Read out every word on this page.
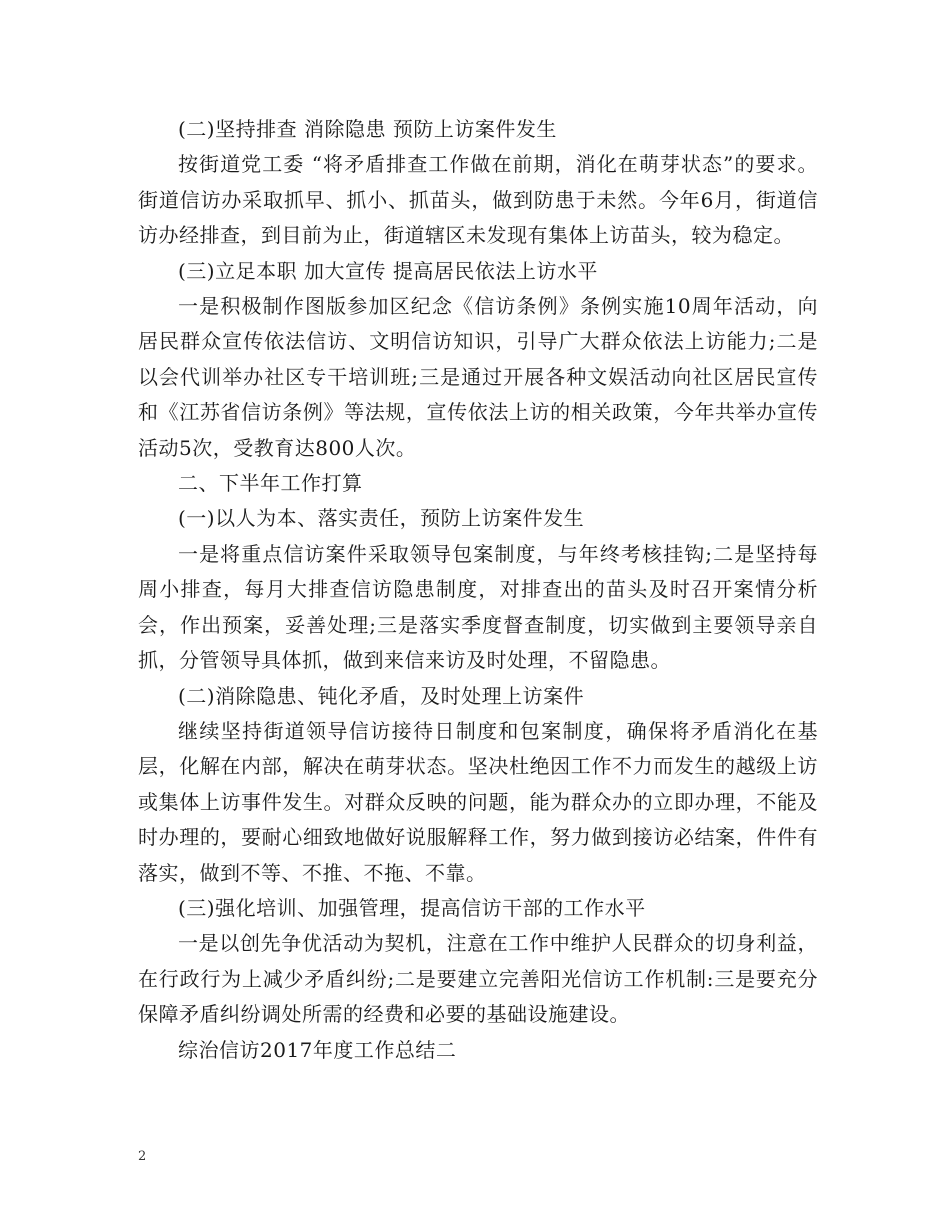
(二)坚持排查 消除隐患 预防上访案件发生

按街道党工委 “将矛盾排查工作做在前期，消化在萌芽状态”的要求。街道信访办采取抓早、抓小、抓苗头，做到防患于未然。今年6月，街道信访办经排查，到目前为止，街道辖区未发现有集体上访苗头，较为稳定。

(三)立足本职 加大宣传 提高居民依法上访水平

一是积极制作图版参加区纪念《信访条例》条例实施10周年活动，向居民群众宣传依法信访、文明信访知识，引导广大群众依法上访能力;二是以会代训举办社区专干培训班;三是通过开展各种文娱活动向社区居民宣传和《江苏省信访条例》等法规，宣传依法上访的相关政策，今年共举办宣传活动5次，受教育达800人次。

二、下半年工作打算

(一)以人为本、落实责任，预防上访案件发生

一是将重点信访案件采取领导包案制度，与年终考核挂钩;二是坚持每周小排查，每月大排查信访隐患制度，对排查出的苗头及时召开案情分析会，作出预案，妥善处理;三是落实季度督查制度，切实做到主要领导亲自抓，分管领导具体抓，做到来信来访及时处理，不留隐患。

(二)消除隐患、钝化矛盾，及时处理上访案件

继续坚持街道领导信访接待日制度和包案制度，确保将矛盾消化在基层，化解在内部，解决在萌芽状态。坚决杜绝因工作不力而发生的越级上访或集体上访事件发生。对群众反映的问题，能为群众办的立即办理，不能及时办理的，要耐心细致地做好说服解释工作，努力做到接访必结案，件件有落实，做到不等、不推、不拖、不靠。

(三)强化培训、加强管理，提高信访干部的工作水平

一是以创先争优活动为契机，注意在工作中维护人民群众的切身利益，在行政行为上减少矛盾纠纷;二是要建立完善阳光信访工作机制:三是要充分保障矛盾纠纷调处所需的经费和必要的基础设施建设。

综治信访2017年度工作总结二

2
